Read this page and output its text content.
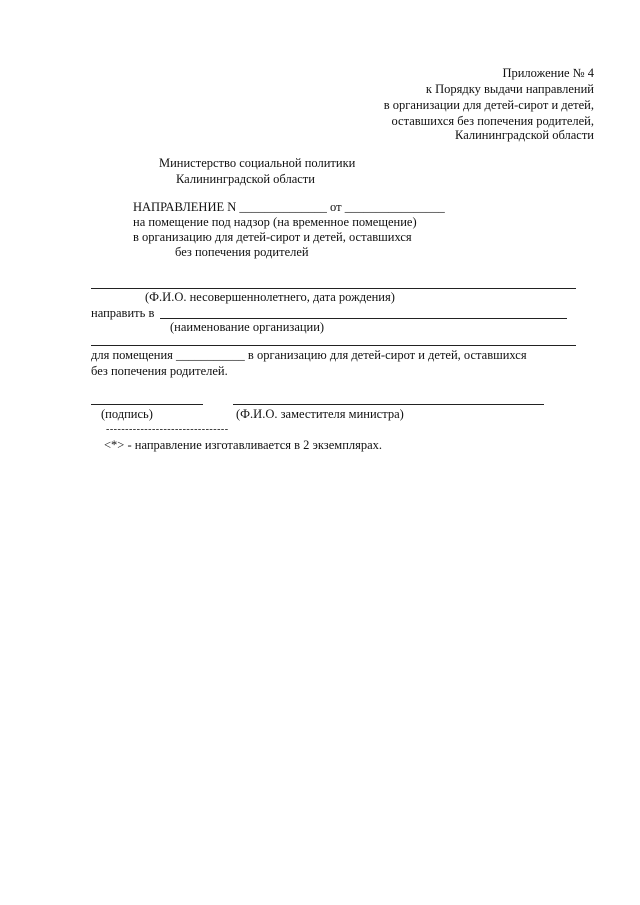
Приложение № 4
к Порядку выдачи направлений
в организации для детей-сирот и детей,
оставшихся без попечения родителей,
Калининградской области
Министерство социальной политики
Калининградской области
НАПРАВЛЕНИЕ N ______________ от ________________
на помещение под надзор (на временное помещение)
в организацию для детей-сирот и детей, оставшихся
без попечения родителей
(Ф.И.О. несовершеннолетнего, дата рождения)
направить в
(наименование организации)
для помещения ___________ в организацию для детей-сирот и детей, оставшихся
без попечения родителей.
(подпись)	(Ф.И.О. заместителя министра)
--------------------------------
<*> - направление изготавливается в 2 экземплярах.
